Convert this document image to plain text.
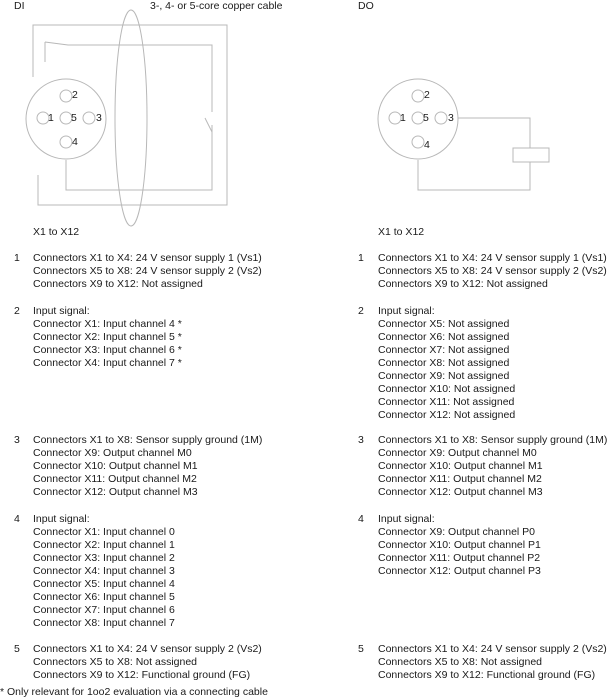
DI	3-, 4- or 5-core copper cable	DO
2
1 5 3
4
2
1 5 3
4
X1 to X12	X1 to X12
1 Connectors X1 to X4: 24 V sensor supply 1 (Vs1)
Connectors X5 to X8: 24 V sensor supply 2 (Vs2)
Connectors X9 to X12: Not assigned
2 Input signal:
Connector X1: Input channel 4 *
Connector X2: Input channel 5 *
Connector X3: Input channel 6 *
Connector X4: Input channel 7 *
3 Connectors X1 to X8: Sensor supply ground (1M)
Connector X9: Output channel M0
Connector X10: Output channel M1
Connector X11: Output channel M2
Connector X12: Output channel M3
4 Input signal:
Connector X1: Input channel 0
Connector X2: Input channel 1
Connector X3: Input channel 2
Connector X4: Input channel 3
Connector X5: Input channel 4
Connector X6: Input channel 5
Connector X7: Input channel 6
Connector X8: Input channel 7
5 Connectors X1 to X4: 24 V sensor supply 2 (Vs2)
Connectors X5 to X8: Not assigned
Connectors X9 to X12: Functional ground (FG)
1 Connectors X1 to X4: 24 V sensor supply 1 (Vs1)
Connectors X5 to X8: 24 V sensor supply 2 (Vs2)
Connectors X9 to X12: Not assigned
2 Input signal:
Connector X5: Not assigned
Connector X6: Not assigned
Connector X7: Not assigned
Connector X8: Not assigned
Connector X9: Not assigned
Connector X10: Not assigned
Connector X11: Not assigned
Connector X12: Not assigned
3 Connectors X1 to X8: Sensor supply ground (1M)
Connector X9: Output channel M0
Connector X10: Output channel M1
Connector X11: Output channel M2
Connector X12: Output channel M3
4 Input signal:
Connector X9: Output channel P0
Connector X10: Output channel P1
Connector X11: Output channel P2
Connector X12: Output channel P3
5 Connectors X1 to X4: 24 V sensor supply 2 (Vs2)
Connectors X5 to X8: Not assigned
Connectors X9 to X12: Functional ground (FG)
* Only relevant for 1oo2 evaluation via a connecting cable
